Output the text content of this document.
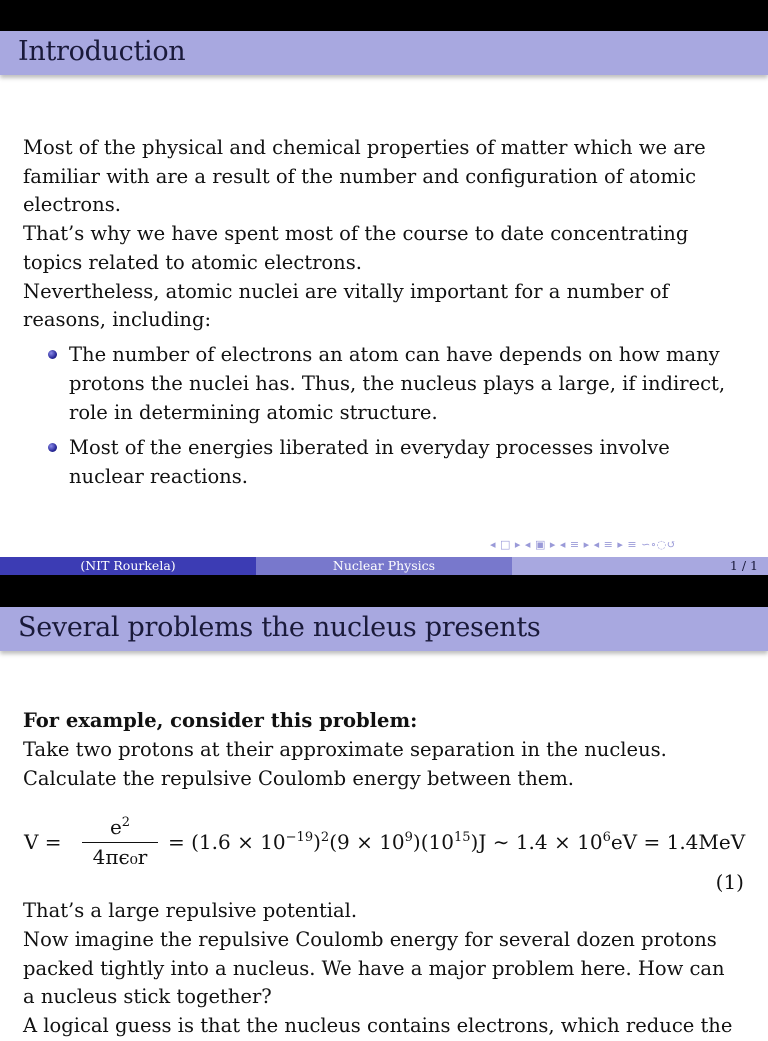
Introduction
Most of the physical and chemical properties of matter which we are
familiar with are a result of the number and configuration of atomic
electrons.
That’s why we have spent most of the course to date concentrating
topics related to atomic electrons.
Nevertheless, atomic nuclei are vitally important for a number of
reasons, including:
The number of electrons an atom can have depends on how many
protons the nuclei has. Thus, the nucleus plays a large, if indirect,
role in determining atomic structure.
Most of the energies liberated in everyday processes involve
nuclear reactions.
◂ □ ▸ ◂ ▣ ▸ ◂ ≡ ▸ ◂ ≡ ▸ ≡ ∽∘◌↺
(NIT Rourkela)	Nuclear Physics	1 / 1
Several problems the nucleus presents
For example, consider this problem:
Take two protons at their approximate separation in the nucleus.
Calculate the repulsive Coulomb energy between them.
V =
$e^2$
4πϵ₀r
= $(1.6 \times 10^{-19})^2(9 \times 10^9)(10^{15})J$ ∼ $1.4 \times 10^6eV = 1.4MeV$
(1)
That’s a large repulsive potential.
Now imagine the repulsive Coulomb energy for several dozen protons
packed tightly into a nucleus. We have a major problem here. How can
a nucleus stick together?
A logical guess is that the nucleus contains electrons, which reduce the
